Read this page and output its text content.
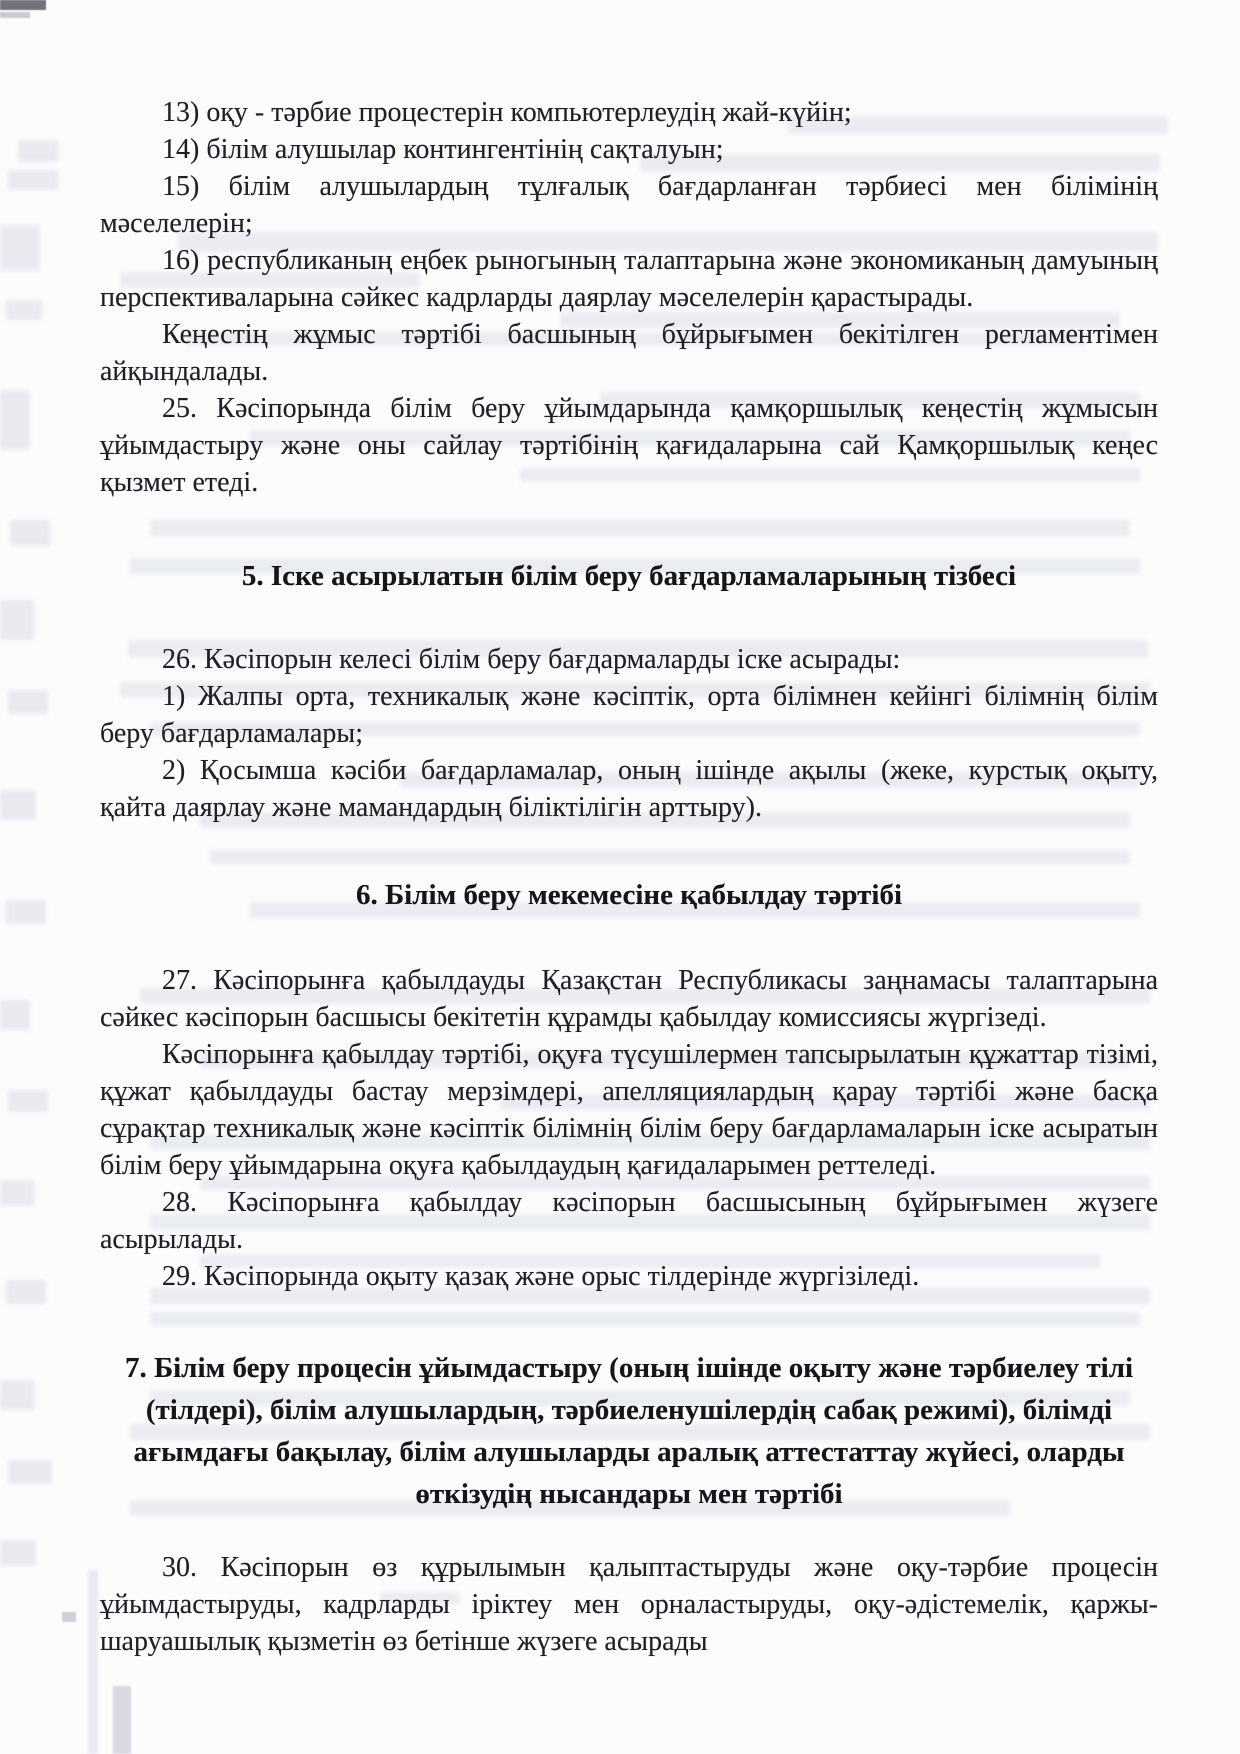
13) оқу - тәрбие процестерін компьютерлеудің жай-күйін;

14) білім алушылар контингентінің сақталуын;

15) білім алушылардың тұлғалық бағдарланған тәрбиесі мен білімінің мәселелерін;

16) республиканың еңбек рыногының талаптарына және экономиканың дамуының перспективаларына сәйкес кадрларды даярлау мәселелерін қарастырады.

Кеңестің жұмыс тәртібі басшының бұйрығымен бекітілген регламентімен айқындалады.

25. Кәсіпорында білім беру ұйымдарында қамқоршылық кеңестің жұмысын ұйымдастыру және оны сайлау тәртібінің қағидаларына сай Қамқоршылық кеңес қызмет етеді.

5. Іске асырылатын білім беру бағдарламаларының тізбесі

26. Кәсіпорын келесі білім беру бағдармаларды іске асырады:

1) Жалпы орта, техникалық және кәсіптік, орта білімнен кейінгі білімнің білім беру бағдарламалары;

2) Қосымша кәсіби бағдарламалар, оның ішінде ақылы (жеке, курстық оқыту, қайта даярлау және мамандардың біліктілігін арттыру).

6. Білім беру мекемесіне қабылдау тәртібі

27. Кәсіпорынға қабылдауды Қазақстан Республикасы заңнамасы талаптарына сәйкес кәсіпорын басшысы бекітетін құрамды қабылдау комиссиясы жүргізеді.

Кәсіпорынға қабылдау тәртібі, оқуға түсушілермен тапсырылатын құжаттар тізімі, құжат қабылдауды бастау мерзімдері, апелляциялардың қарау тәртібі және басқа сұрақтар техникалық және кәсіптік білімнің білім беру бағдарламаларын іске асыратын білім беру ұйымдарына оқуға қабылдаудың қағидаларымен реттеледі.

28. Кәсіпорынға қабылдау кәсіпорын басшысының бұйрығымен жүзеге асырылады.

29. Кәсіпорында оқыту қазақ және орыс тілдерінде жүргізіледі.

7. Білім беру процесін ұйымдастыру (оның ішінде оқыту және тәрбиелеу тілі (тілдері), білім алушылардың, тәрбиеленушілердің сабақ режимі), білімді ағымдағы бақылау, білім алушыларды аралық аттестаттау жүйесі, оларды өткізудің нысандары мен тәртібі

30. Кәсіпорын өз құрылымын қалыптастыруды және оқу-тәрбие процесін ұйымдастыруды, кадрларды іріктеу мен орналастыруды, оқу-әдістемелік, қаржы-шаруашылық қызметін өз бетінше жүзеге асырады
